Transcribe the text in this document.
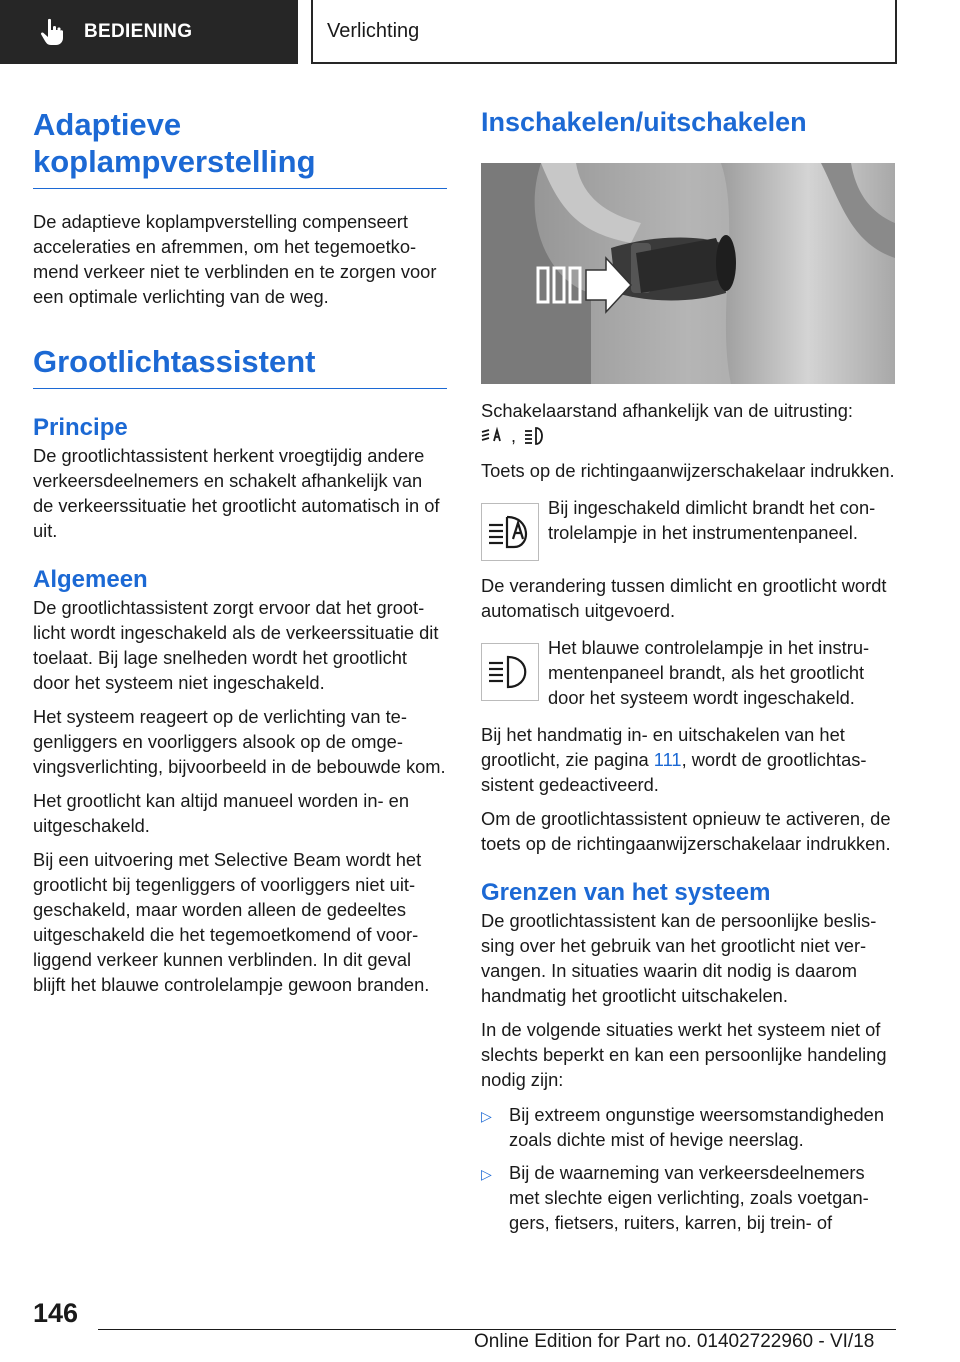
BEDIENING	Verlichting
Adaptieve koplampverstelling

De adaptieve koplampverstelling compenseert acceleraties en afremmen, om het tegemoetkomend verkeer niet te verblinden en te zorgen voor een optimale verlichting van de weg.

Grootlichtassistent
Principe

De grootlichtassistent herkent vroegtijdig andere verkeersdeelnemers en schakelt afhankelijk van de verkeerssituatie het grootlicht automatisch in of uit.

Algemeen

De grootlichtassistent zorgt ervoor dat het grootlicht wordt ingeschakeld als de verkeerssituatie dit toelaat. Bij lage snelheden wordt het grootlicht door het systeem niet ingeschakeld.

Het systeem reageert op de verlichting van tegenliggers en voorliggers alsook op de omgevingsverlichting, bijvoorbeeld in de bebouwde kom.

Het grootlicht kan altijd manueel worden in- en uitgeschakeld.

Bij een uitvoering met Selective Beam wordt het grootlicht bij tegenliggers of voorliggers niet uitgeschakeld, maar worden alleen de gedeeltes uitgeschakeld die het tegemoetkomend of voorliggend verkeer kunnen verblinden. In dit geval blijft het blauwe controlelampje gewoon branden.

Inschakelen/uitschakelen

Schakelaarstand afhankelijk van de uitrusting:

,

Toets op de richtingaanwijzerschakelaar indrukken.

Bij ingeschakeld dimlicht brandt het controlelampje in het instrumentenpaneel.

De verandering tussen dimlicht en grootlicht wordt automatisch uitgevoerd.

Het blauwe controlelampje in het instrumentenpaneel brandt, als het grootlicht door het systeem wordt ingeschakeld.

Bij het handmatig in- en uitschakelen van het grootlicht, zie pagina 111, wordt de grootlichtassistent gedeactiveerd.

Om de grootlichtassistent opnieuw te activeren, de toets op de richtingaanwijzerschakelaar indrukken.

Grenzen van het systeem

De grootlichtassistent kan de persoonlijke beslissing over het gebruik van het grootlicht niet vervangen. In situaties waarin dit nodig is daarom handmatig het grootlicht uitschakelen.

In de volgende situaties werkt het systeem niet of slechts beperkt en kan een persoonlijke handeling nodig zijn:

▷ Bij extreem ongunstige weersomstandigheden zoals dichte mist of hevige neerslag.
▷ Bij de waarneming van verkeersdeelnemers met slechte eigen verlichting, zoals voetgangers, fietsers, ruiters, karren, bij trein- of
146
Online Edition for Part no. 01402722960 - VI/18
